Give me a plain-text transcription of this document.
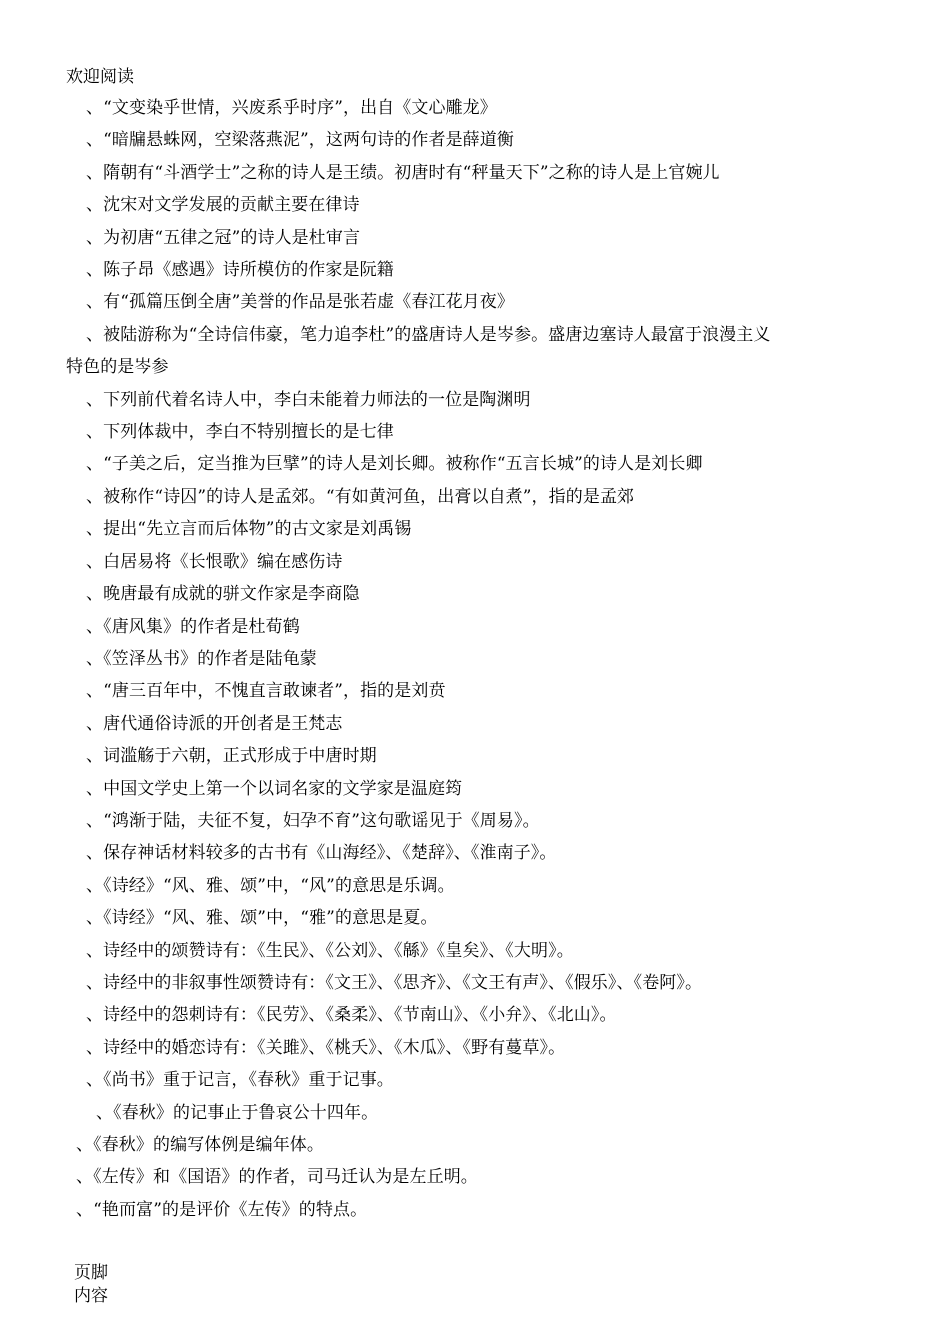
欢迎阅读
、“文变染乎世情，兴废系乎时序”，出自《文心雕龙》
、“暗牖悬蛛网，空梁落燕泥”，这两句诗的作者是薛道衡
、隋朝有“斗酒学士”之称的诗人是王绩。初唐时有“秤量天下”之称的诗人是上官婉儿
、沈宋对文学发展的贡献主要在律诗
、为初唐“五律之冠”的诗人是杜审言
、陈子昂《感遇》诗所模仿的作家是阮籍
、有“孤篇压倒全唐”美誉的作品是张若虚《春江花月夜》
、被陆游称为“全诗信伟豪，笔力追李杜”的盛唐诗人是岑参。盛唐边塞诗人最富于浪漫主义
特色的是岑参
、下列前代着名诗人中，李白未能着力师法的一位是陶渊明
、下列体裁中，李白不特别擅长的是七律
、“子美之后，定当推为巨擘”的诗人是刘长卿。被称作“五言长城”的诗人是刘长卿
、被称作“诗囚”的诗人是孟郊。“有如黄河鱼，出膏以自煮”，指的是孟郊
、提出“先立言而后体物”的古文家是刘禹锡
、白居易将《长恨歌》编在感伤诗
、晚唐最有成就的骈文作家是李商隐
、《唐风集》的作者是杜荀鹤
、《笠泽丛书》的作者是陆龟蒙
、“唐三百年中，不愧直言敢谏者”，指的是刘贲
、唐代通俗诗派的开创者是王梵志
、词滥觞于六朝，正式形成于中唐时期
、中国文学史上第一个以词名家的文学家是温庭筠
、“鸿渐于陆，夫征不复，妇孕不育”这句歌谣见于《周易》。
、保存神话材料较多的古书有《山海经》、《楚辞》、《淮南子》。
、《诗经》“风、雅、颂”中，“风”的意思是乐调。
、《诗经》“风、雅、颂”中，“雅”的意思是夏。
、诗经中的颂赞诗有：《生民》、《公刘》、《緜》《皇矣》、《大明》。
、诗经中的非叙事性颂赞诗有：《文王》、《思齐》、《文王有声》、《假乐》、《卷阿》。
、诗经中的怨刺诗有：《民劳》、《桑柔》、《节南山》、《小弁》、《北山》。
、诗经中的婚恋诗有：《关雎》、《桃夭》、《木瓜》、《野有蔓草》。
、《尚书》重于记言，《春秋》重于记事。
、《春秋》的记事止于鲁哀公十四年。
、《春秋》的编写体例是编年体。
、《左传》和《国语》的作者，司马迁认为是左丘明。
、“艳而富”的是评价《左传》的特点。
页脚
内容
